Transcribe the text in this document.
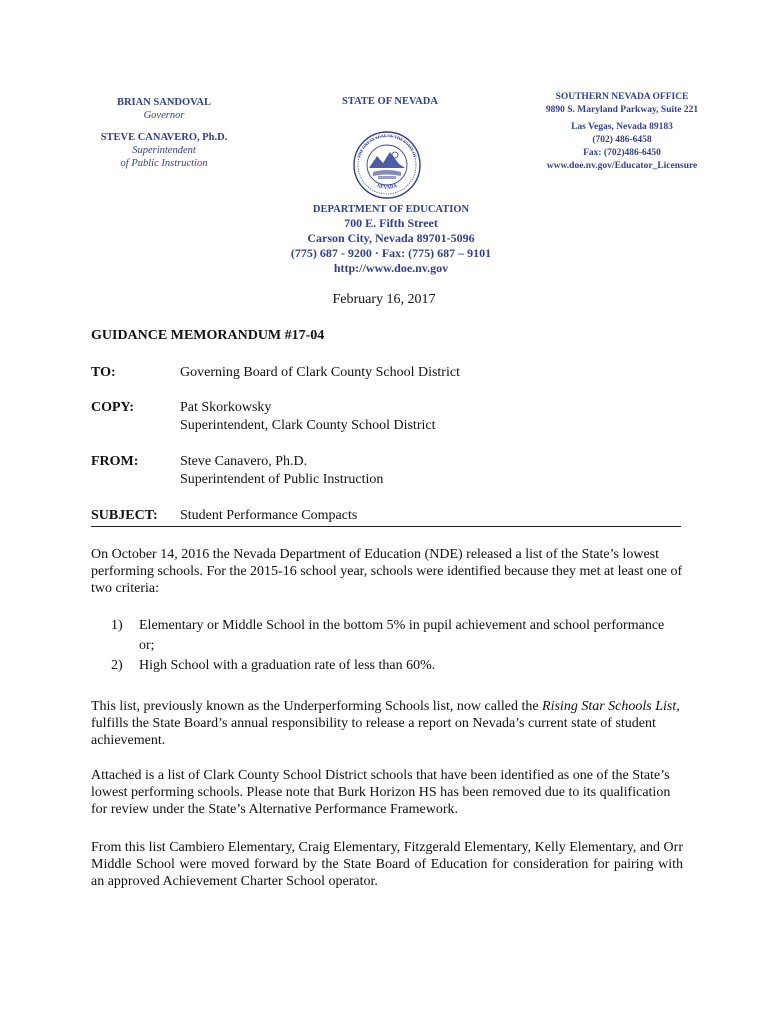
BRIAN SANDOVAL
Governor
STEVE CANAVERO, Ph.D.
Superintendent
of Public Instruction
STATE OF NEVADA
THE GREAT SEAL OF THE STATE OF
NEVADA
SOUTHERN NEVADA OFFICE
9890 S. Maryland Parkway, Suite 221
Las Vegas, Nevada 89183
(702) 486-6458
Fax: (702)486-6450
www.doe.nv.gov/Educator_Licensure
DEPARTMENT OF EDUCATION
700 E. Fifth Street
Carson City, Nevada 89701-5096
(775) 687 - 9200 · Fax: (775) 687 – 9101
http://www.doe.nv.gov
February 16, 2017
GUIDANCE MEMORANDUM #17-04
TO:	Governing Board of Clark County School District
COPY:	Pat Skorkowsky
Superintendent, Clark County School District
FROM:	Steve Canavero, Ph.D.
Superintendent of Public Instruction
SUBJECT:	Student Performance Compacts
On October 14, 2016 the Nevada Department of Education (NDE) released a list of the State’s lowest performing schools. For the 2015-16 school year, schools were identified because they met at least one of two criteria:
1) Elementary or Middle School in the bottom 5% in pupil achievement and school performance or;
2) High School with a graduation rate of less than 60%.
This list, previously known as the Underperforming Schools list, now called the Rising Star Schools List, fulfills the State Board’s annual responsibility to release a report on Nevada’s current state of student achievement.
Attached is a list of Clark County School District schools that have been identified as one of the State’s lowest performing schools. Please note that Burk Horizon HS has been removed due to its qualification for review under the State’s Alternative Performance Framework.
From this list Cambiero Elementary, Craig Elementary, Fitzgerald Elementary, Kelly Elementary, and Orr Middle School were moved forward by the State Board of Education for consideration for pairing with an approved Achievement Charter School operator.
